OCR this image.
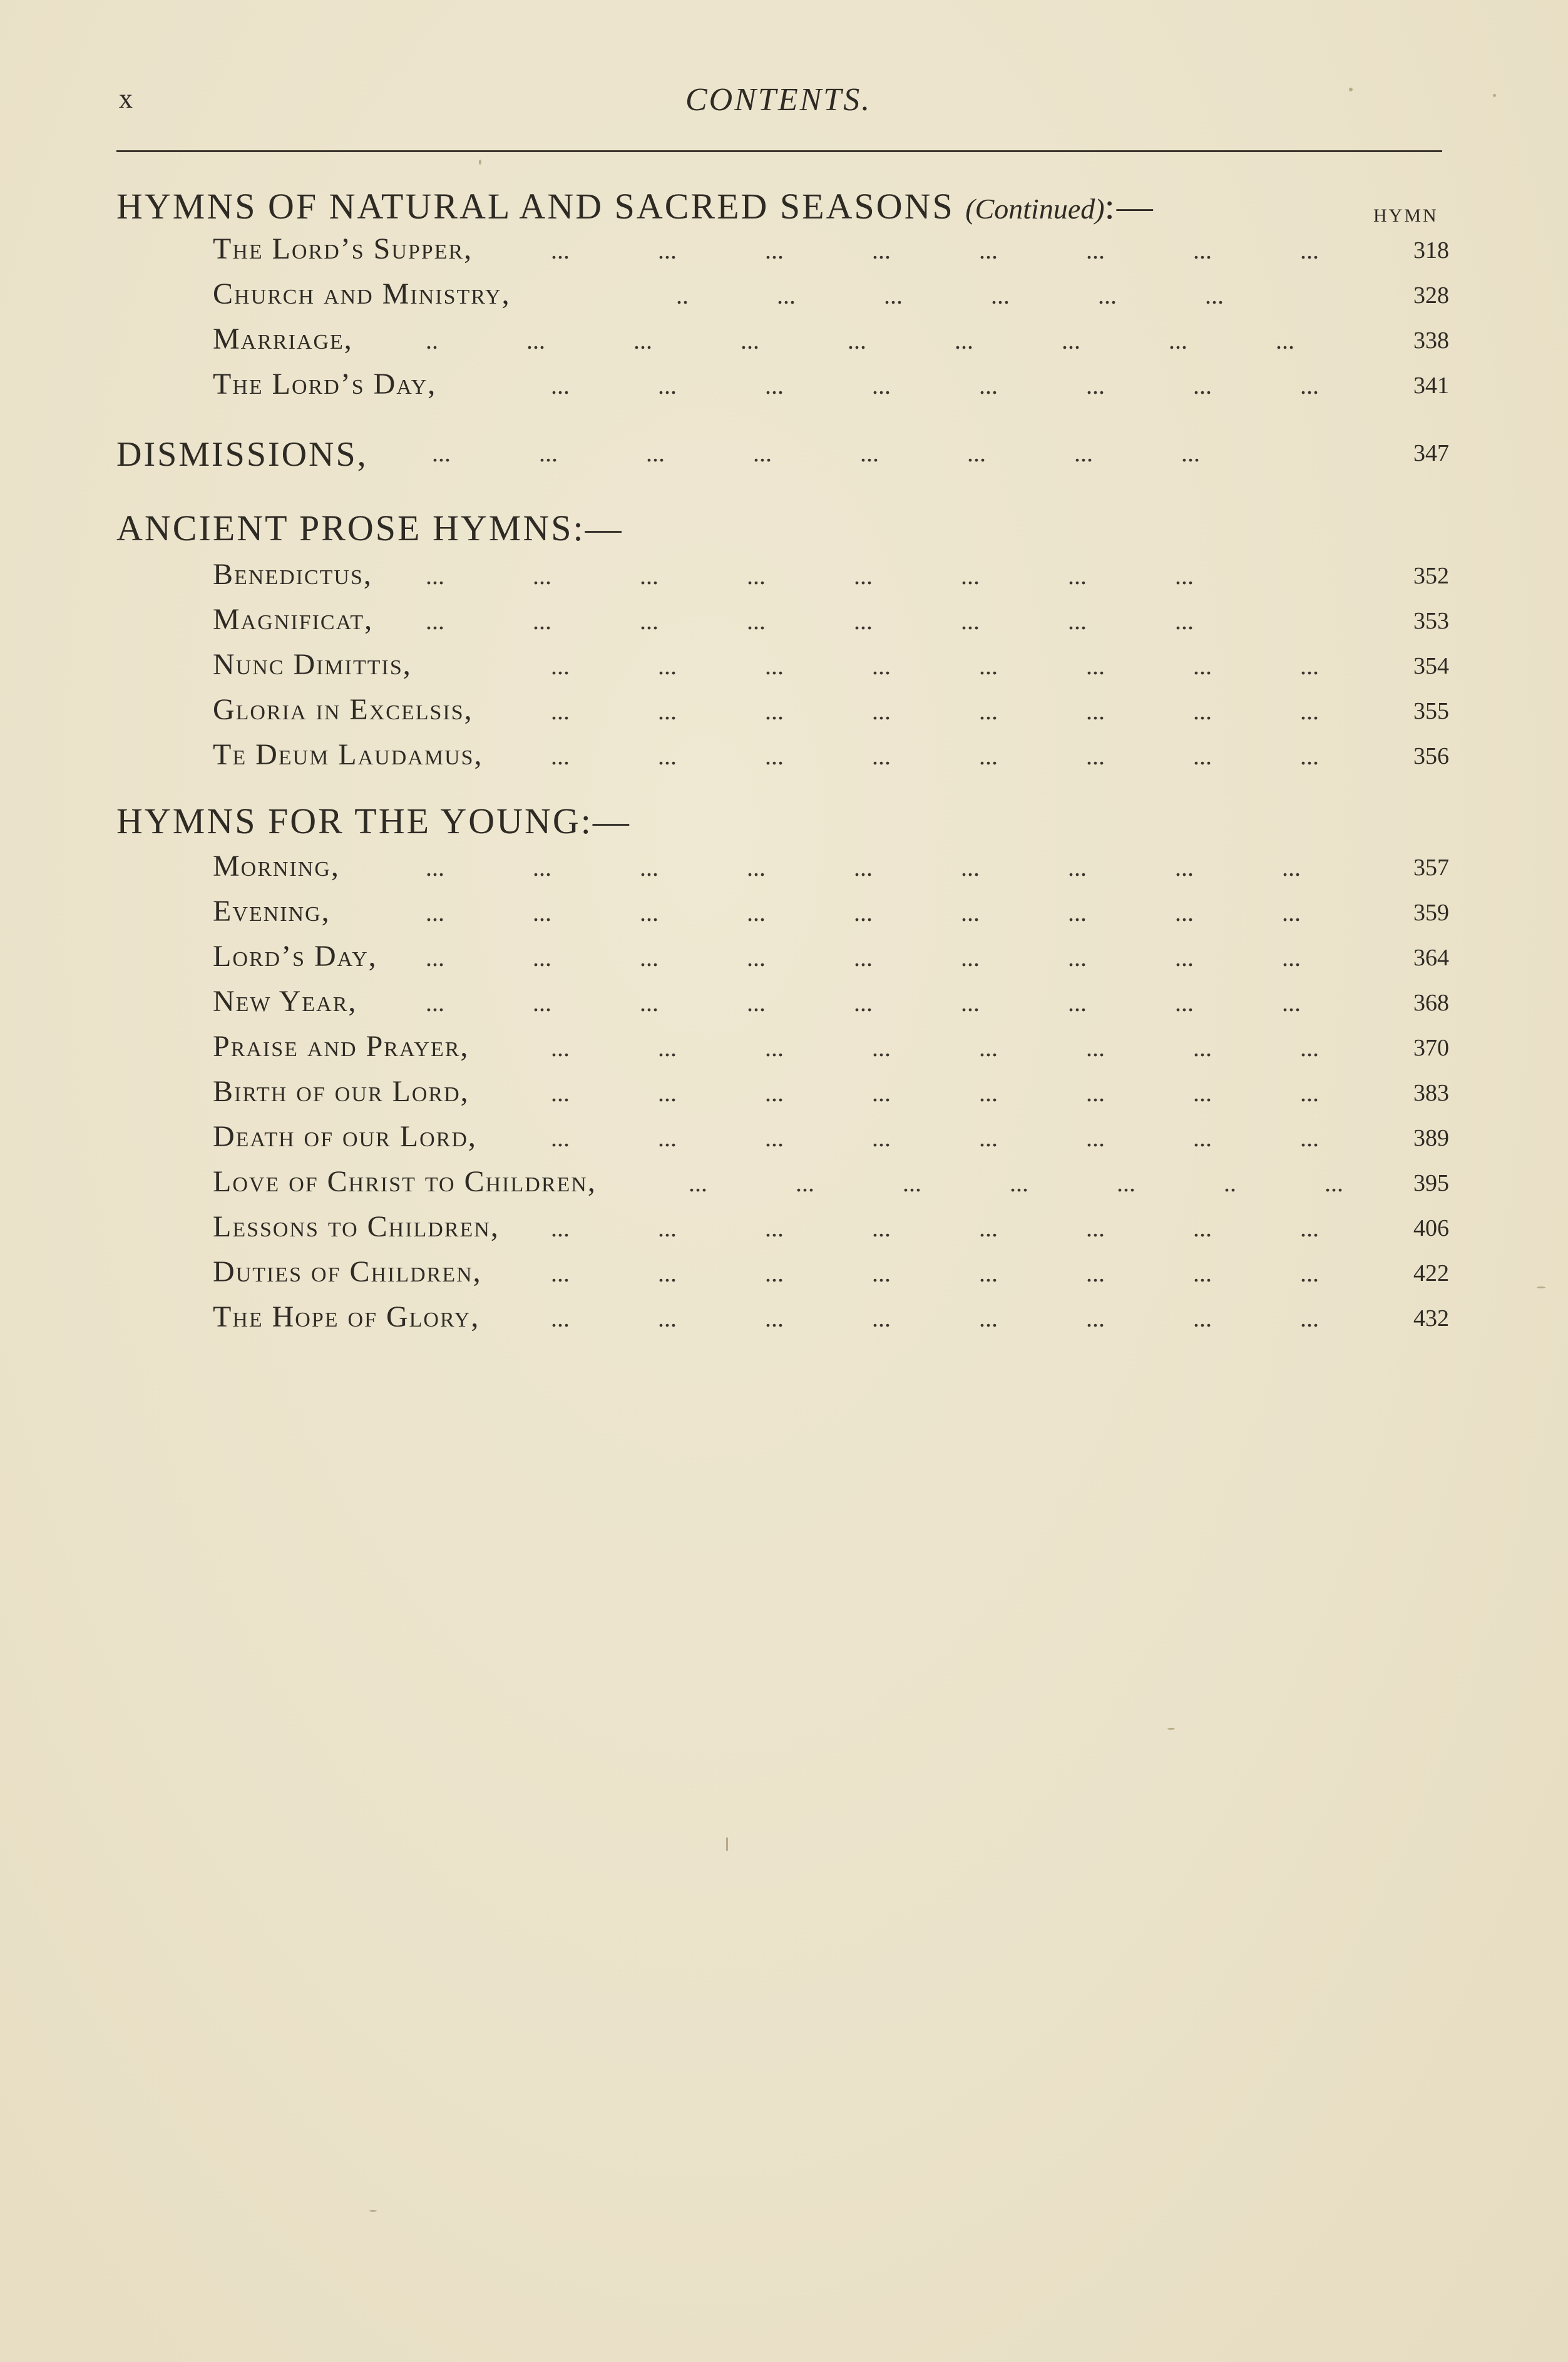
x	CONTENTS.
HYMN
HYMNS OF NATURAL AND SACRED SEASONS (Continued):—
The Lord’s Supper,	... ... ... ... ... ... ... ...	318
Church and Ministry,	.. ... ... ... ... ...	328
Marriage,	.. ... ... ... ... ... ... ... ...	338
The Lord’s Day,	... ... ... ... ... ... ... ...	341
DISMISSIONS,	... ... ... ... ... ... ... ...	347
ANCIENT PROSE HYMNS:—
Benedictus, ... ... ... ... ... ... ... ...	352
Magnificat, ... ... ... ... ... ... ... ...	353
Nunc Dimittis,	... ... ... ... ... ... ... ...	354
Gloria in Excelsis,	... ... ... ... ... ... ... ...	355
Te Deum Laudamus,	... ... ... ... ... ... ... ...	356
HYMNS FOR THE YOUNG:—
Morning,	... ... ... ... ... ... ... ... ...	357
Evening,	... ... ... ... ... ... ... ... ...	359
Lord’s Day, ... ... ... ... ... ... ... ... ...	364
New Year,	... ... ... ... ... ... ... ... ...	368
Praise and Prayer,	... ... ... ... ... ... ... ...	370
Birth of our Lord,	... ... ... ... ... ... ... ...	383
Death of our Lord,	... ... ... ... ... ... ... ...	389
Love of Christ to Children,	... ... ... ... ... .. ...	395
Lessons to Children, ... ... ... ... ... ... ... ...	406
Duties of Children,	... ... ... ... ... ... ... ...	422
The Hope of Glory,	... ... ... ... ... ... ... ...	432
